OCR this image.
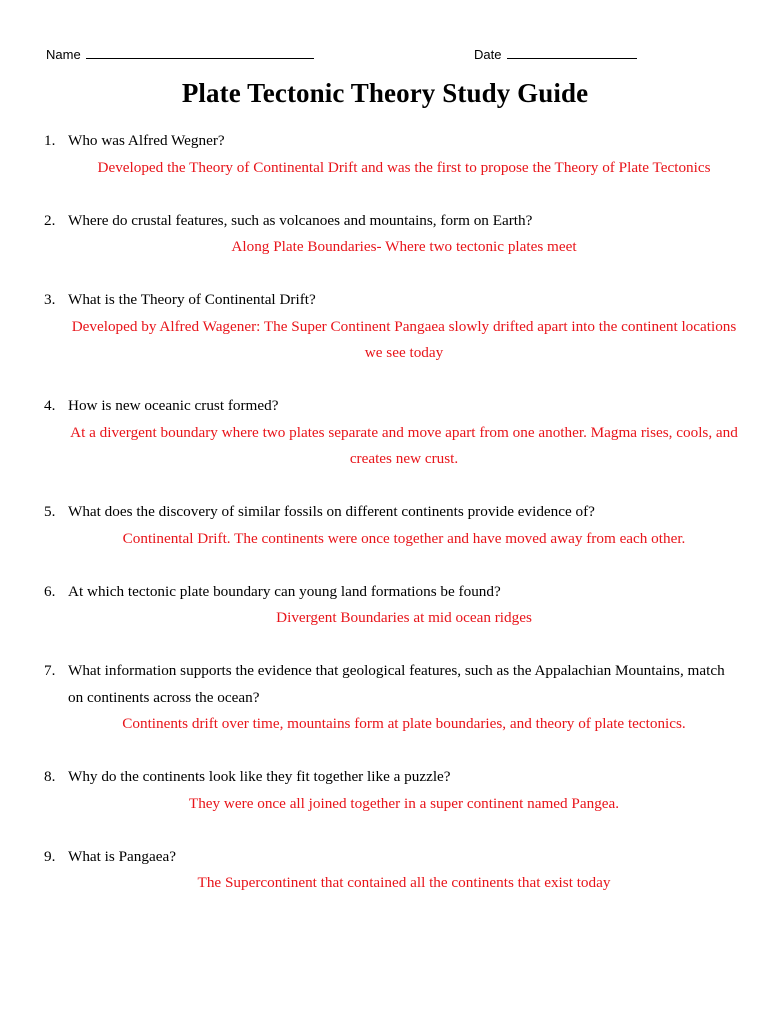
Name	Date
Plate Tectonic Theory Study Guide
1. Who was Alfred Wegner?
Developed the Theory of Continental Drift and was the first to propose the Theory of Plate Tectonics
2. Where do crustal features, such as volcanoes and mountains, form on Earth?
Along Plate Boundaries- Where two tectonic plates meet
3. What is the Theory of Continental Drift?
Developed by Alfred Wagener: The Super Continent Pangaea slowly drifted apart into the continent locations we see today
4. How is new oceanic crust formed?
At a divergent boundary where two plates separate and move apart from one another. Magma rises, cools, and creates new crust.
5. What does the discovery of similar fossils on different continents provide evidence of?
Continental Drift. The continents were once together and have moved away from each other.
6. At which tectonic plate boundary can young land formations be found?
Divergent Boundaries at mid ocean ridges
7. What information supports the evidence that geological features, such as the Appalachian Mountains, match on continents across the ocean?
Continents drift over time, mountains form at plate boundaries, and theory of plate tectonics.
8. Why do the continents look like they fit together like a puzzle?
They were once all joined together in a super continent named Pangea.
9. What is Pangaea?
The Supercontinent that contained all the continents that exist today
